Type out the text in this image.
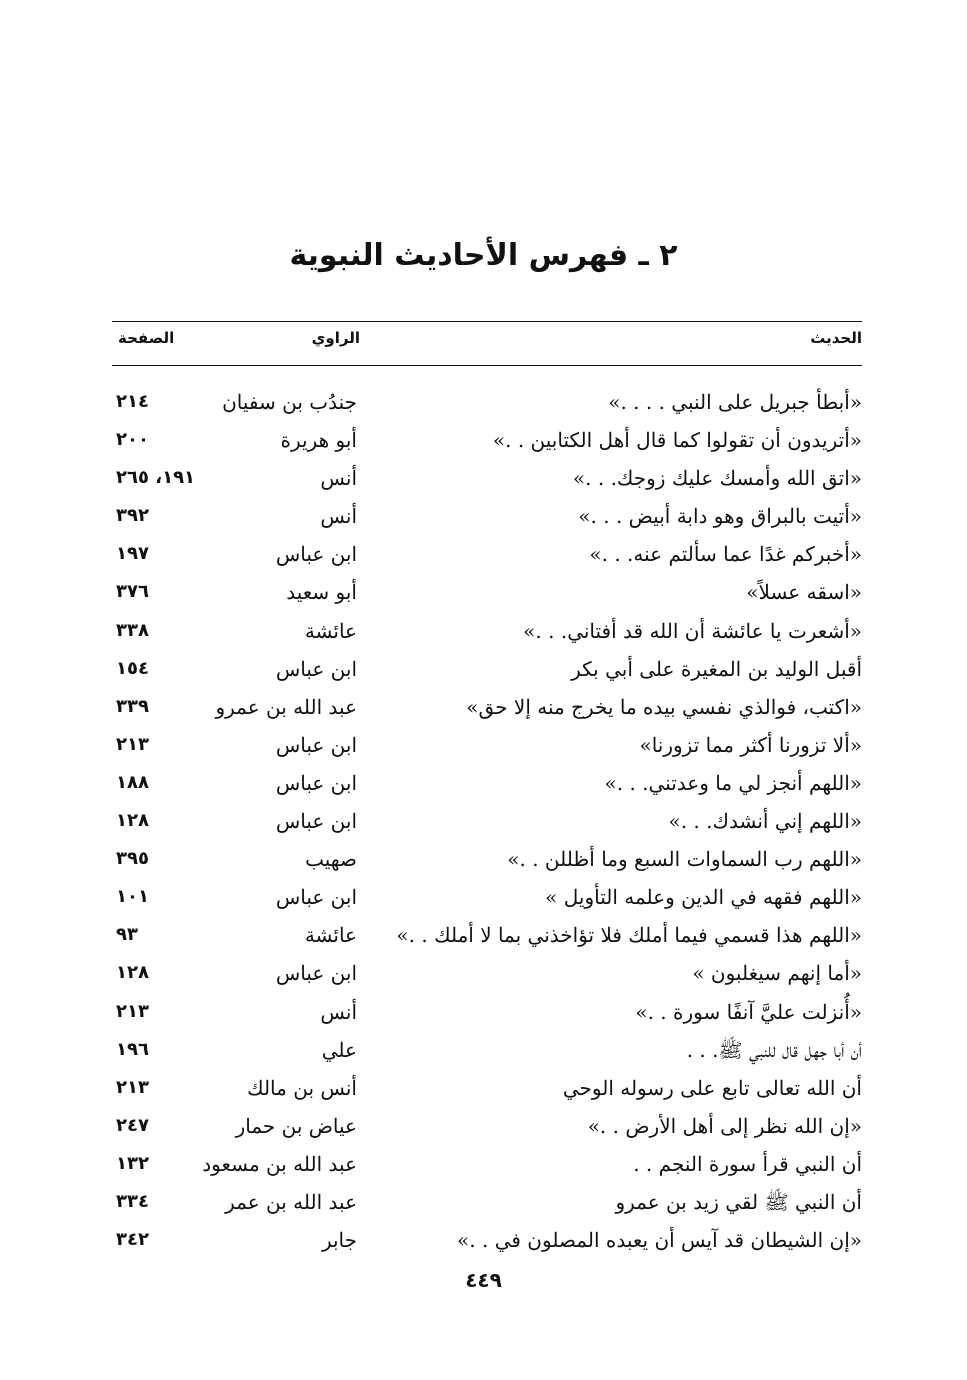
٢ ـ فهرس الأحاديث النبوية
الحديث
الراوي
الصفحة
«أبطأ جبريل على النبي . . . .»
جندُب بن سفيان
٢١٤
«أتريدون أن تقولوا كما قال أهل الكتابين . .»
أبو هريرة
٢٠٠
«اتق الله وأمسك عليك زوجك. . .»
أنس
١٩١، ٢٦٥
«أتيت بالبراق وهو دابة أبيض . . .»
أنس
٣٩٢
«أخبركم غدًا عما سألتم عنه. . .»
ابن عباس
١٩٧
«اسقه عسلاً»
أبو سعيد
٣٧٦
«أشعرت يا عائشة أن الله قد أفتاني. . .»
عائشة
٣٣٨
أقبل الوليد بن المغيرة على أبي بكر
ابن عباس
١٥٤
«اكتب، فوالذي نفسي بيده ما يخرج منه إلا حق»
عبد الله بن عمرو
٣٣٩
«ألا تزورنا أكثر مما تزورنا»
ابن عباس
٢١٣
«اللهم أنجز لي ما وعدتني. . .»
ابن عباس
١٨٨
«اللهم إني أنشدك. . .»
ابن عباس
١٢٨
«اللهم رب السماوات السبع وما أظللن . .»
صهيب
٣٩٥
«اللهم فقهه في الدين وعلمه التأويل »
ابن عباس
١٠١
«اللهم هذا قسمي فيما أملك فلا تؤاخذني بما لا أملك . .»
عائشة
٩٣
«أما إنهم سيغلبون »
ابن عباس
١٢٨
«أُنزلت عليَّ آنفًا سورة . .»
أنس
٢١٣
أن أبا جهل قال للنبي ﷺ. . .
علي
١٩٦
أن الله تعالى تابع على رسوله الوحي
أنس بن مالك
٢١٣
«إن الله نظر إلى أهل الأرض . .»
عياض بن حمار
٢٤٧
أن النبي قرأ سورة النجم . .
عبد الله بن مسعود
١٣٢
أن النبي ﷺ لقي زيد بن عمرو
عبد الله بن عمر
٣٣٤
«إن الشيطان قد آيس أن يعبده المصلون في . .»
جابر
٣٤٢
٤٤٩
